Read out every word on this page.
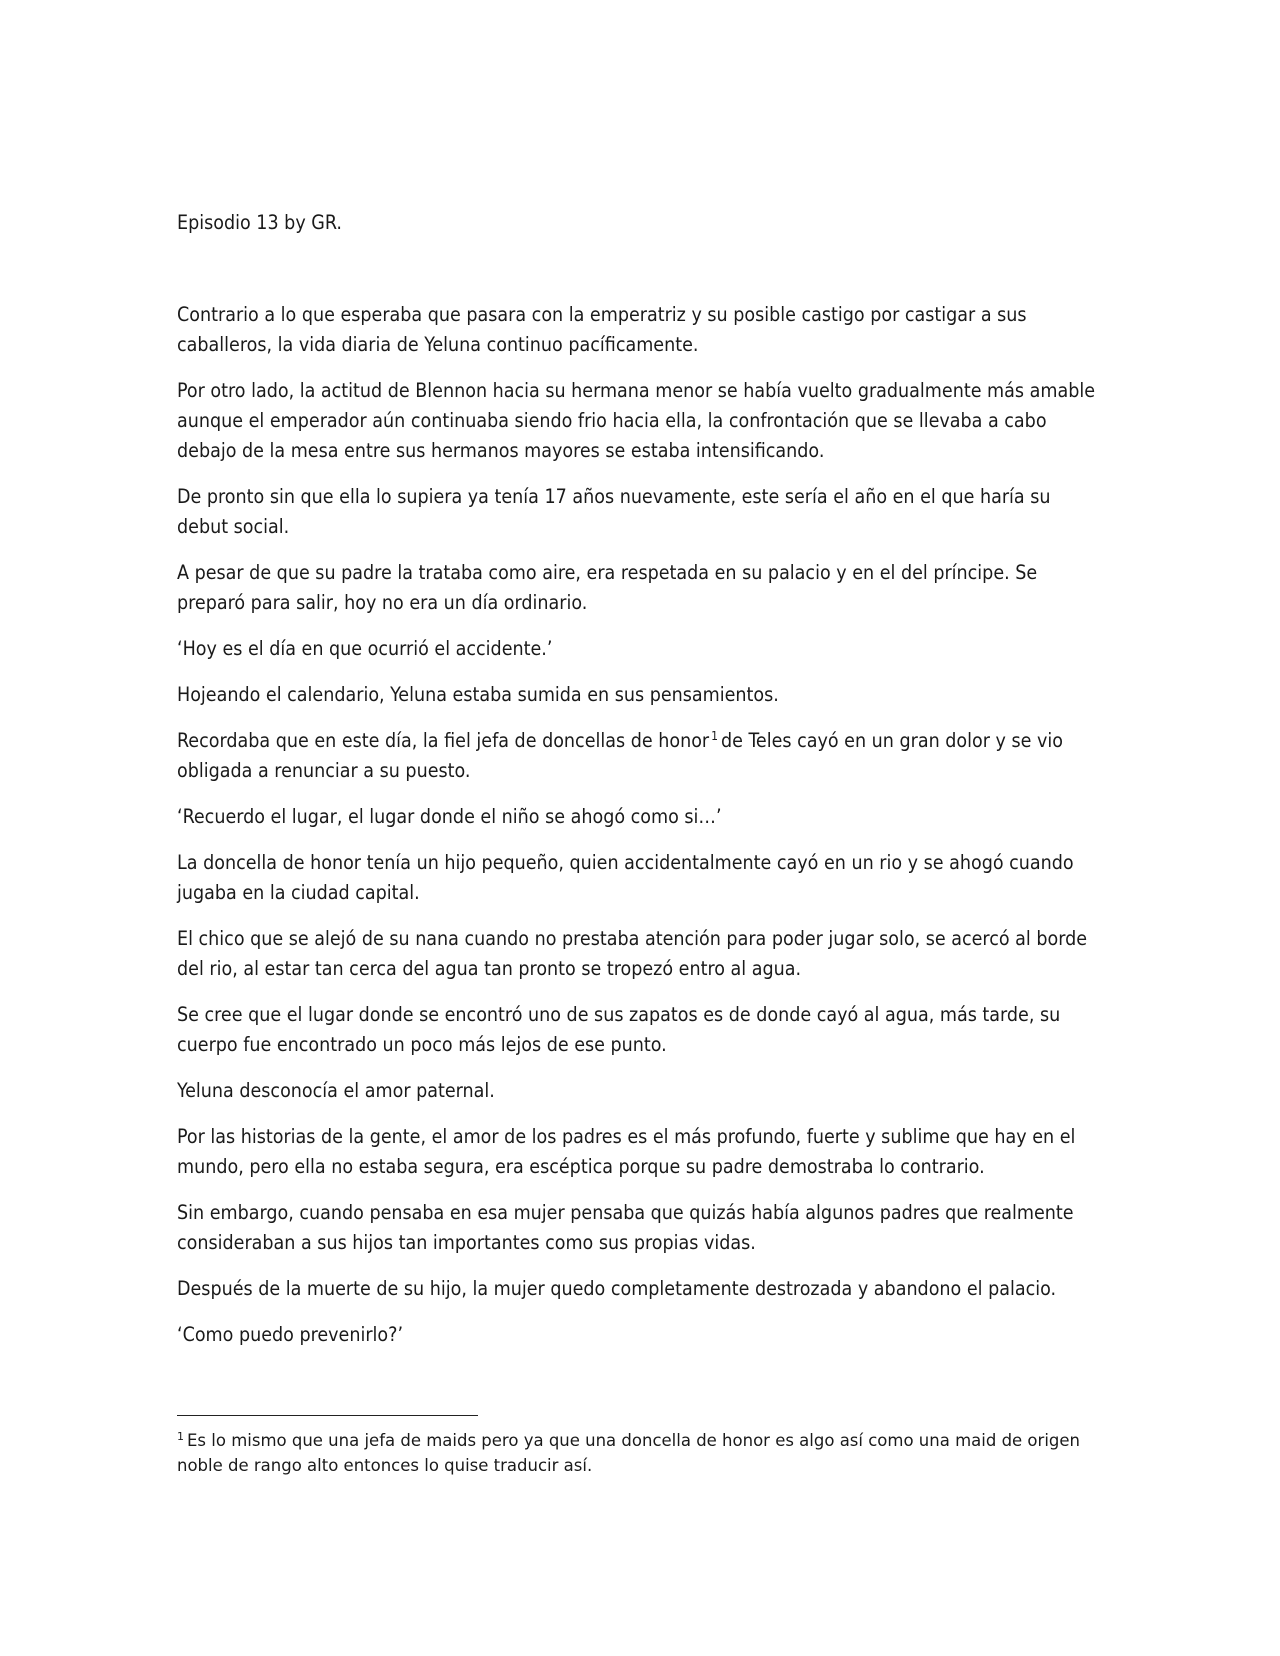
Episodio 13 by GR.

Contrario a lo que esperaba que pasara con la emperatriz y su posible castigo por castigar a sus caballeros, la vida diaria de Yeluna continuo pacíficamente.

Por otro lado, la actitud de Blennon hacia su hermana menor se había vuelto gradualmente más amable aunque el emperador aún continuaba siendo frio hacia ella, la confrontación que se llevaba a cabo debajo de la mesa entre sus hermanos mayores se estaba intensificando.

De pronto sin que ella lo supiera ya tenía 17 años nuevamente, este sería el año en el que haría su debut social.

A pesar de que su padre la trataba como aire, era respetada en su palacio y en el del príncipe. Se preparó para salir, hoy no era un día ordinario.

‘Hoy es el día en que ocurrió el accidente.’

Hojeando el calendario, Yeluna estaba sumida en sus pensamientos.

Recordaba que en este día, la fiel jefa de doncellas de honor $^1$ de Teles cayó en un gran dolor y se vio obligada a renunciar a su puesto.

‘Recuerdo el lugar, el lugar donde el niño se ahogó como si…’

La doncella de honor tenía un hijo pequeño, quien accidentalmente cayó en un rio y se ahogó cuando jugaba en la ciudad capital.

El chico que se alejó de su nana cuando no prestaba atención para poder jugar solo, se acercó al borde del rio, al estar tan cerca del agua tan pronto se tropezó entro al agua.

Se cree que el lugar donde se encontró uno de sus zapatos es de donde cayó al agua, más tarde, su cuerpo fue encontrado un poco más lejos de ese punto.

Yeluna desconocía el amor paternal.

Por las historias de la gente, el amor de los padres es el más profundo, fuerte y sublime que hay en el mundo, pero ella no estaba segura, era escéptica porque su padre demostraba lo contrario.

Sin embargo, cuando pensaba en esa mujer pensaba que quizás había algunos padres que realmente consideraban a sus hijos tan importantes como sus propias vidas.

Después de la muerte de su hijo, la mujer quedo completamente destrozada y abandono el palacio.

‘Como puedo prevenirlo?’

$^1$ Es lo mismo que una jefa de maids pero ya que una doncella de honor es algo así como una maid de origen noble de rango alto entonces lo quise traducir así.
